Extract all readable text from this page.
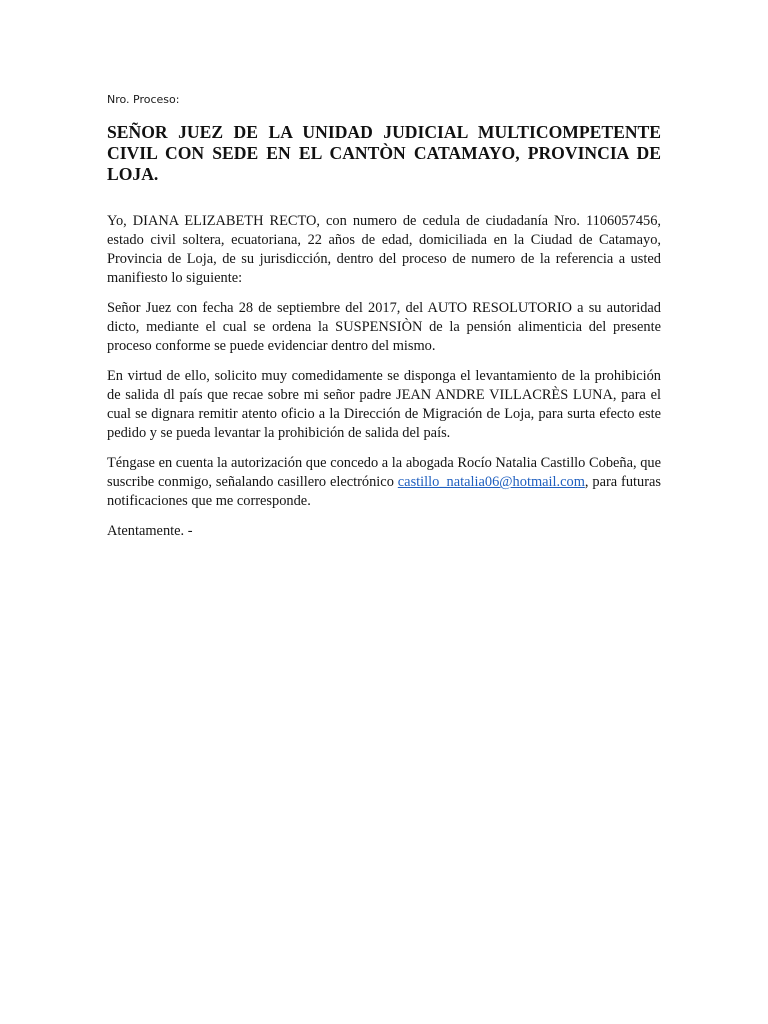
Nro. Proceso:

SEÑOR JUEZ DE LA UNIDAD JUDICIAL MULTICOMPETENTE CIVIL CON SEDE EN EL CANTÒN CATAMAYO, PROVINCIA DE LOJA.

Yo, DIANA ELIZABETH RECTO, con numero de cedula de ciudadanía Nro. 1106057456, estado civil soltera, ecuatoriana, 22 años de edad, domiciliada en la Ciudad de Catamayo, Provincia de Loja, de su jurisdicción, dentro del proceso de numero de la referencia a usted manifiesto lo siguiente:

Señor Juez con fecha 28 de septiembre del 2017, del AUTO RESOLUTORIO a su autoridad dicto, mediante el cual se ordena la SUSPENSIÒN de la pensión alimenticia del presente proceso conforme se puede evidenciar dentro del mismo.

En virtud de ello, solicito muy comedidamente se disponga el levantamiento de la prohibición de salida dl país que recae sobre mi señor padre JEAN ANDRE VILLACRÈS LUNA, para el cual se dignara remitir atento oficio a la Dirección de Migración de Loja, para surta efecto este pedido y se pueda levantar la prohibición de salida del país.

Téngase en cuenta la autorización que concedo a la abogada Rocío Natalia Castillo Cobeña, que suscribe conmigo, señalando casillero electrónico castillo_natalia06@hotmail.com, para futuras notificaciones que me corresponde.

Atentamente. -
